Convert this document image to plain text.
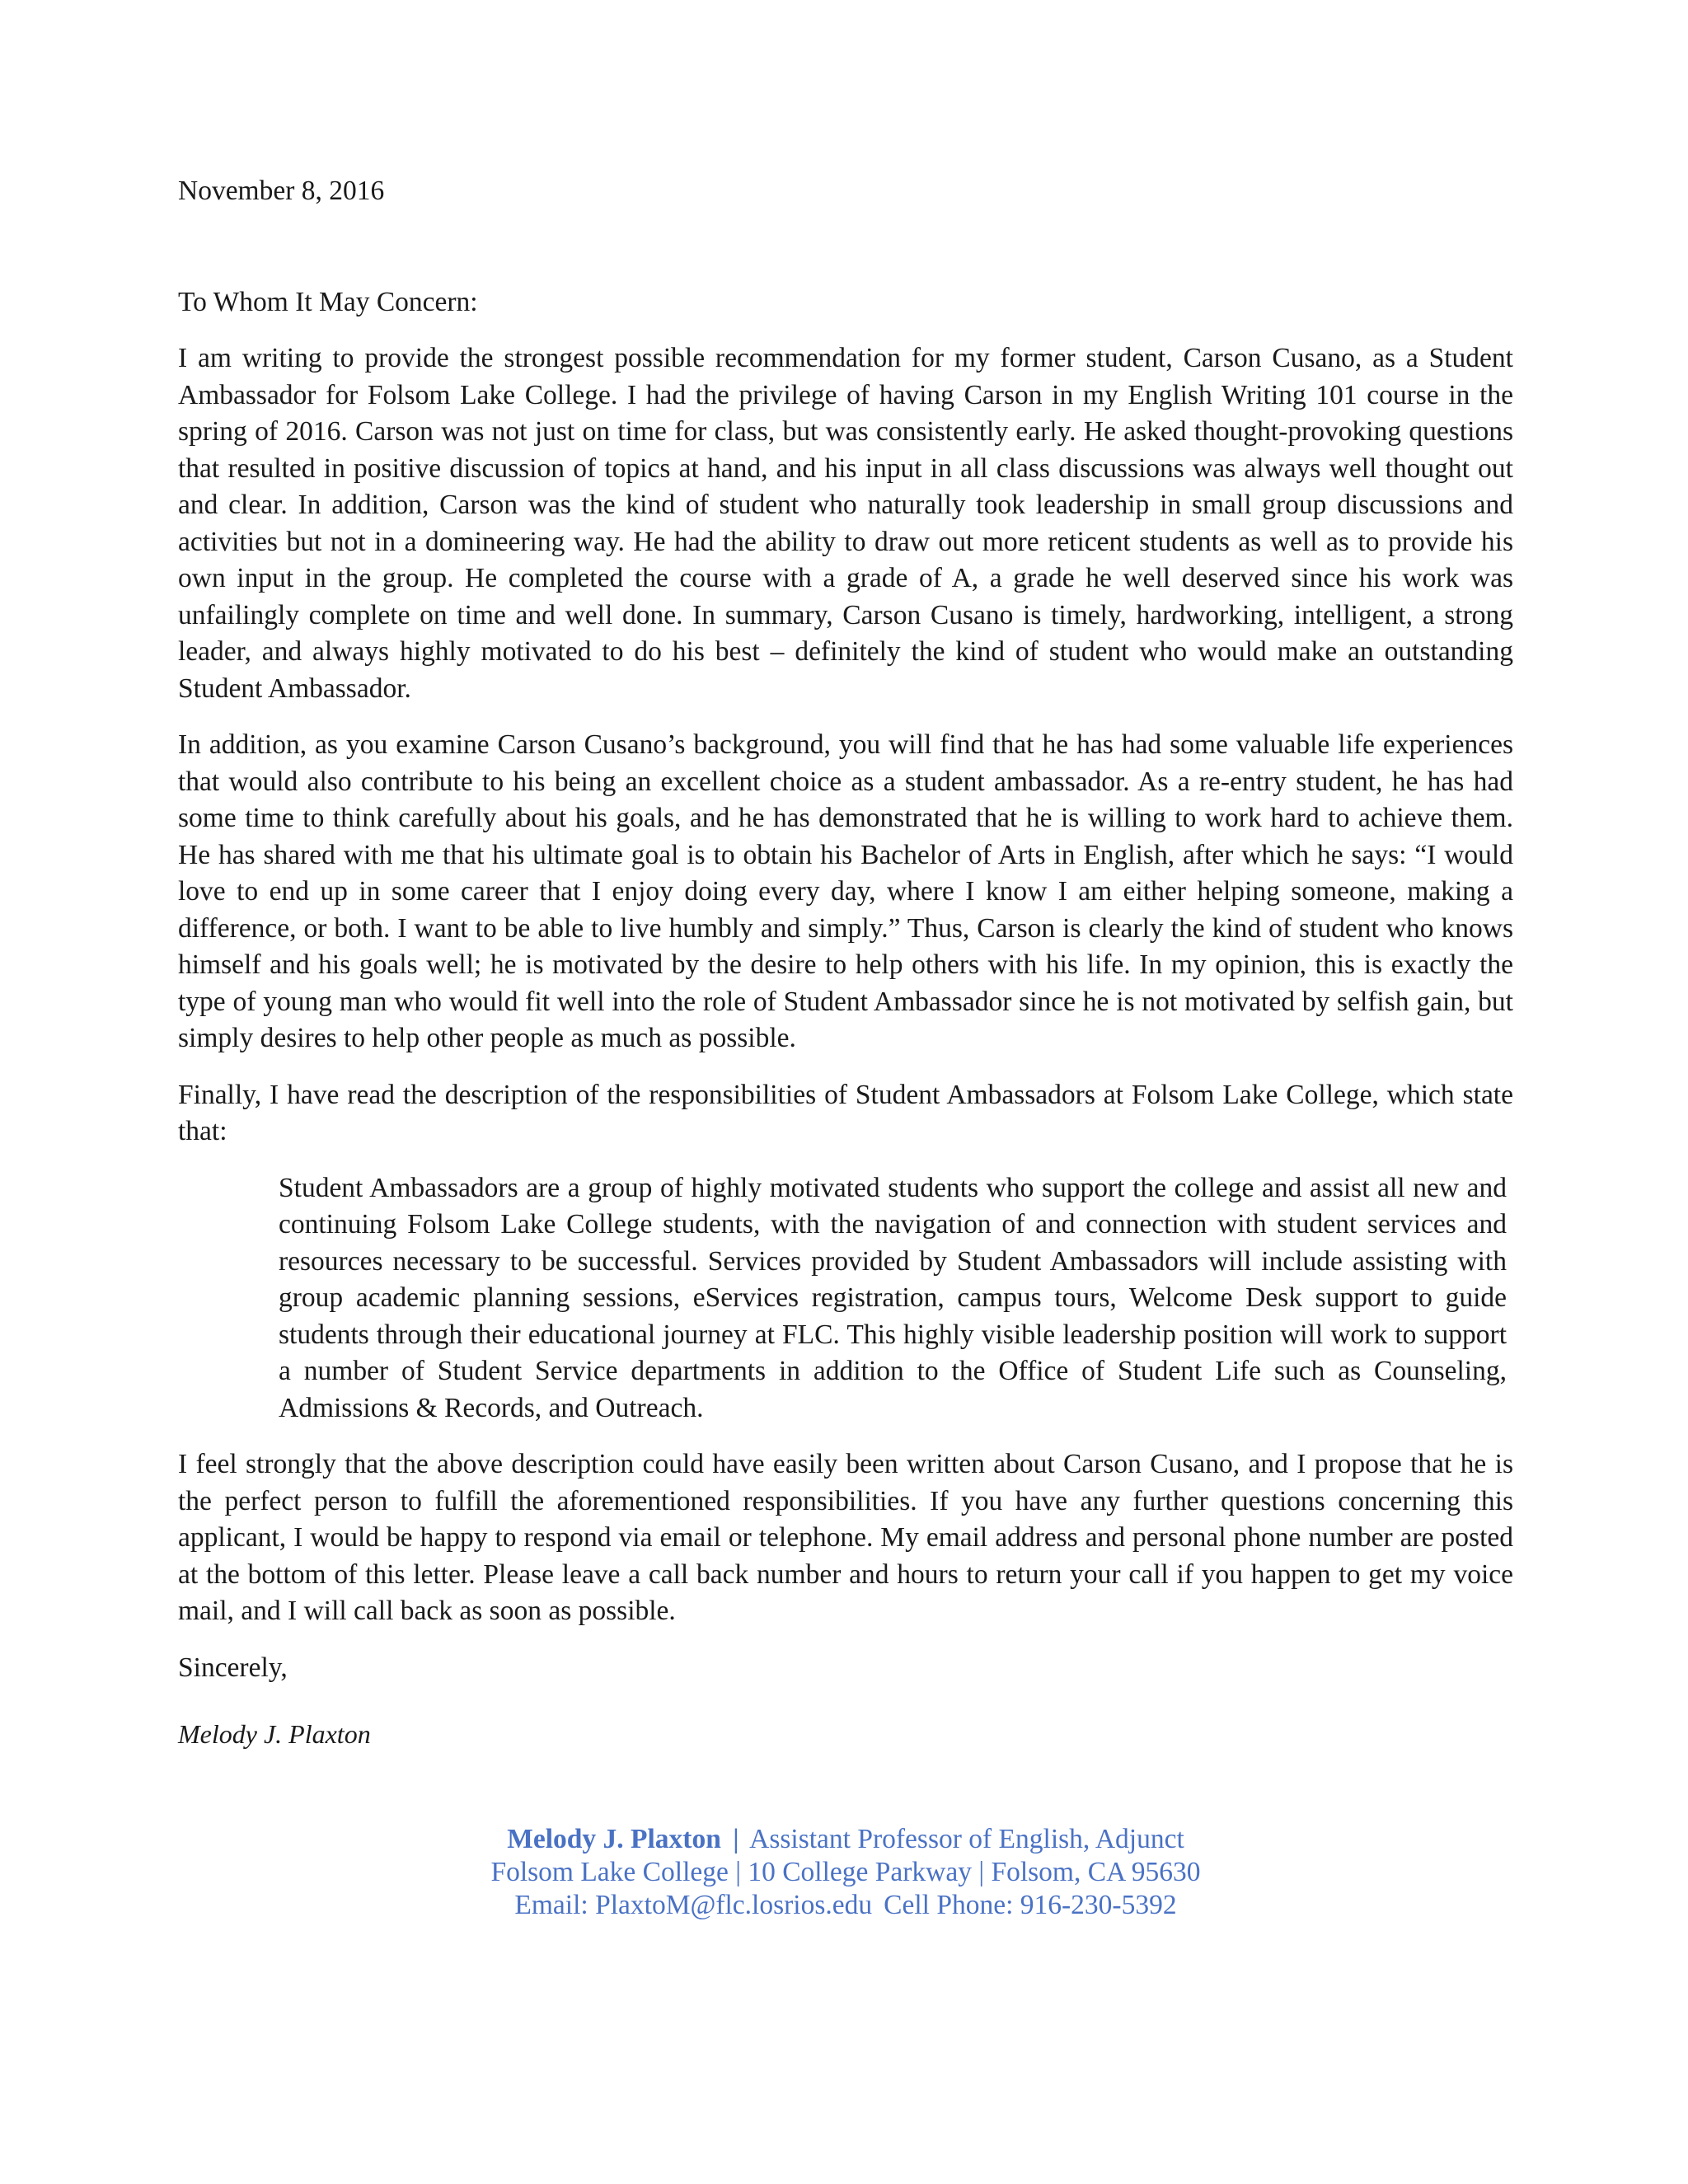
November 8, 2016

To Whom It May Concern:

I am writing to provide the strongest possible recommendation for my former student, Carson Cusano, as a Student Ambassador for Folsom Lake College. I had the privilege of having Carson in my English Writing 101 course in the spring of 2016. Carson was not just on time for class, but was consistently early. He asked thought-provoking questions that resulted in positive discussion of topics at hand, and his input in all class discussions was always well thought out and clear. In addition, Carson was the kind of student who naturally took leadership in small group discussions and activities but not in a domineering way. He had the ability to draw out more reticent students as well as to provide his own input in the group. He completed the course with a grade of A, a grade he well deserved since his work was unfailingly complete on time and well done. In summary, Carson Cusano is timely, hardworking, intelligent, a strong leader, and always highly motivated to do his best – definitely the kind of student who would make an outstanding Student Ambassador.

In addition, as you examine Carson Cusano’s background, you will find that he has had some valuable life experiences that would also contribute to his being an excellent choice as a student ambassador. As a re-entry student, he has had some time to think carefully about his goals, and he has demonstrated that he is willing to work hard to achieve them. He has shared with me that his ultimate goal is to obtain his Bachelor of Arts in English, after which he says: “I would love to end up in some career that I enjoy doing every day, where I know I am either helping someone, making a difference, or both. I want to be able to live humbly and simply.” Thus, Carson is clearly the kind of student who knows himself and his goals well; he is motivated by the desire to help others with his life. In my opinion, this is exactly the type of young man who would fit well into the role of Student Ambassador since he is not motivated by selfish gain, but simply desires to help other people as much as possible.

Finally, I have read the description of the responsibilities of Student Ambassadors at Folsom Lake College, which state that:

Student Ambassadors are a group of highly motivated students who support the college and assist all new and continuing Folsom Lake College students, with the navigation of and connection with student services and resources necessary to be successful. Services provided by Student Ambassadors will include assisting with group academic planning sessions, eServices registration, campus tours, Welcome Desk support to guide students through their educational journey at FLC. This highly visible leadership position will work to support a number of Student Service departments in addition to the Office of Student Life such as Counseling, Admissions & Records, and Outreach.

I feel strongly that the above description could have easily been written about Carson Cusano, and I propose that he is the perfect person to fulfill the aforementioned responsibilities. If you have any further questions concerning this applicant, I would be happy to respond via email or telephone. My email address and personal phone number are posted at the bottom of this letter. Please leave a call back number and hours to return your call if you happen to get my voice mail, and I will call back as soon as possible.

Sincerely,

Melody J. Plaxton

Melody J. Plaxton | Assistant Professor of English, Adjunct
Folsom Lake College | 10 College Parkway | Folsom, CA 95630
Email: PlaxtoM@flc.losrios.edu Cell Phone: 916-230-5392
